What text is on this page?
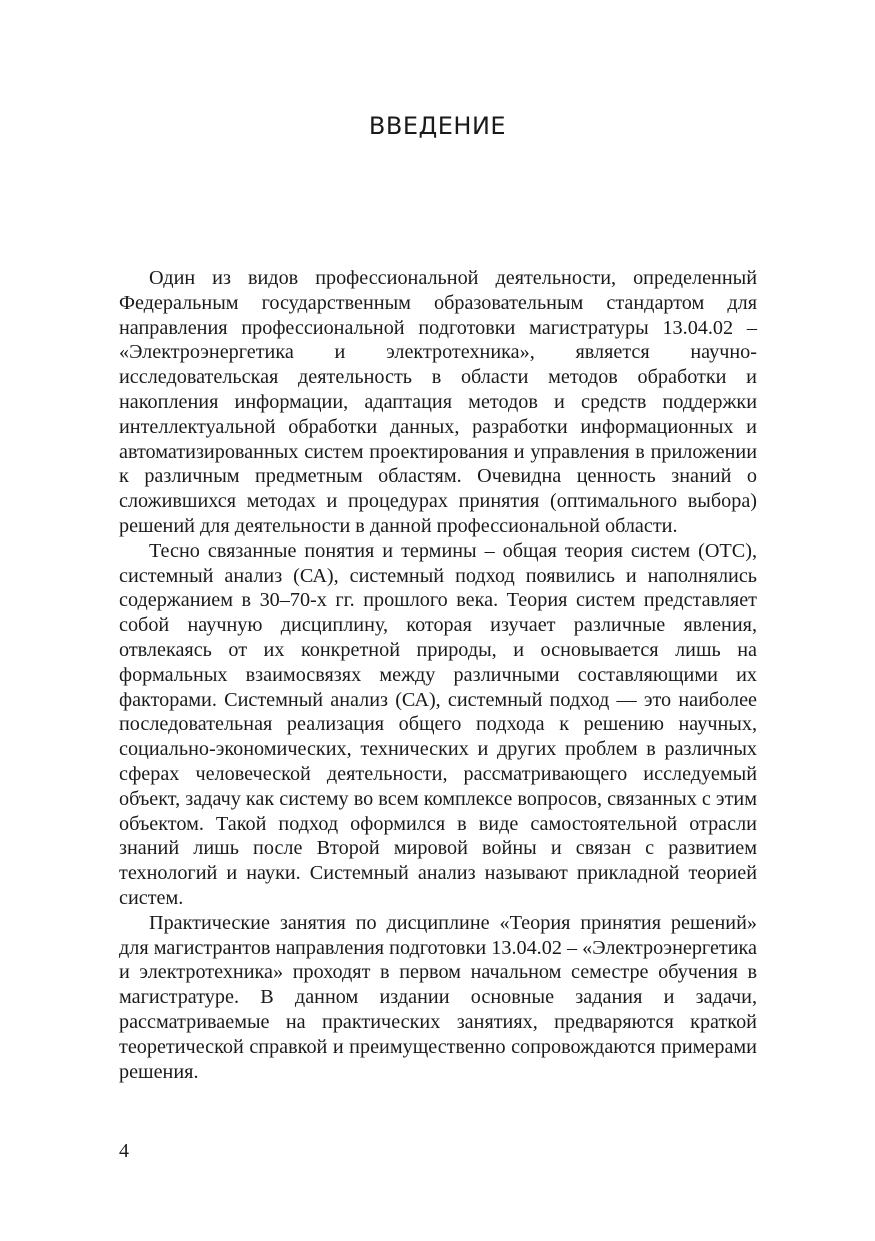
ВВЕДЕНИЕ

Один из видов профессиональной деятельности, определенный Федеральным государственным образовательным стандартом для направления профессиональной подготовки магистратуры 13.04.02 – «Электроэнергетика и электротехника», является научно-исследовательская деятельность в области методов обработки и накопления информации, адаптация методов и средств поддержки интеллектуальной обработки данных, разработки информационных и автоматизированных систем проектирования и управления в приложении к различным предметным областям. Очевидна ценность знаний о сложившихся методах и процедурах принятия (оптимального выбора) решений для деятельности в данной профессиональной области.

Тесно связанные понятия и термины – общая теория систем (ОТС), системный анализ (СА), системный подход появились и наполнялись содержанием в 30–70-х гг. прошлого века. Теория систем представляет собой научную дисциплину, которая изучает различные явления, отвлекаясь от их конкретной природы, и основывается лишь на формальных взаимосвязях между различными составляющими их факторами. Системный анализ (СА), системный подход — это наиболее последовательная реализация общего подхода к решению научных, социально-экономических, технических и других проблем в различных сферах человеческой деятельности, рассматривающего исследуемый объект, задачу как систему во всем комплексе вопросов, связанных с этим объектом. Такой подход оформился в виде самостоятельной отрасли знаний лишь после Второй мировой войны и связан с развитием технологий и науки. Системный анализ называют прикладной теорией систем.

Практические занятия по дисциплине «Теория принятия решений» для магистрантов направления подготовки 13.04.02 – «Электроэнергетика и электротехника» проходят в первом начальном семестре обучения в магистратуре. В данном издании основные задания и задачи, рассматриваемые на практических занятиях, предваряются краткой теоретической справкой и преимущественно сопровождаются примерами решения.

4
